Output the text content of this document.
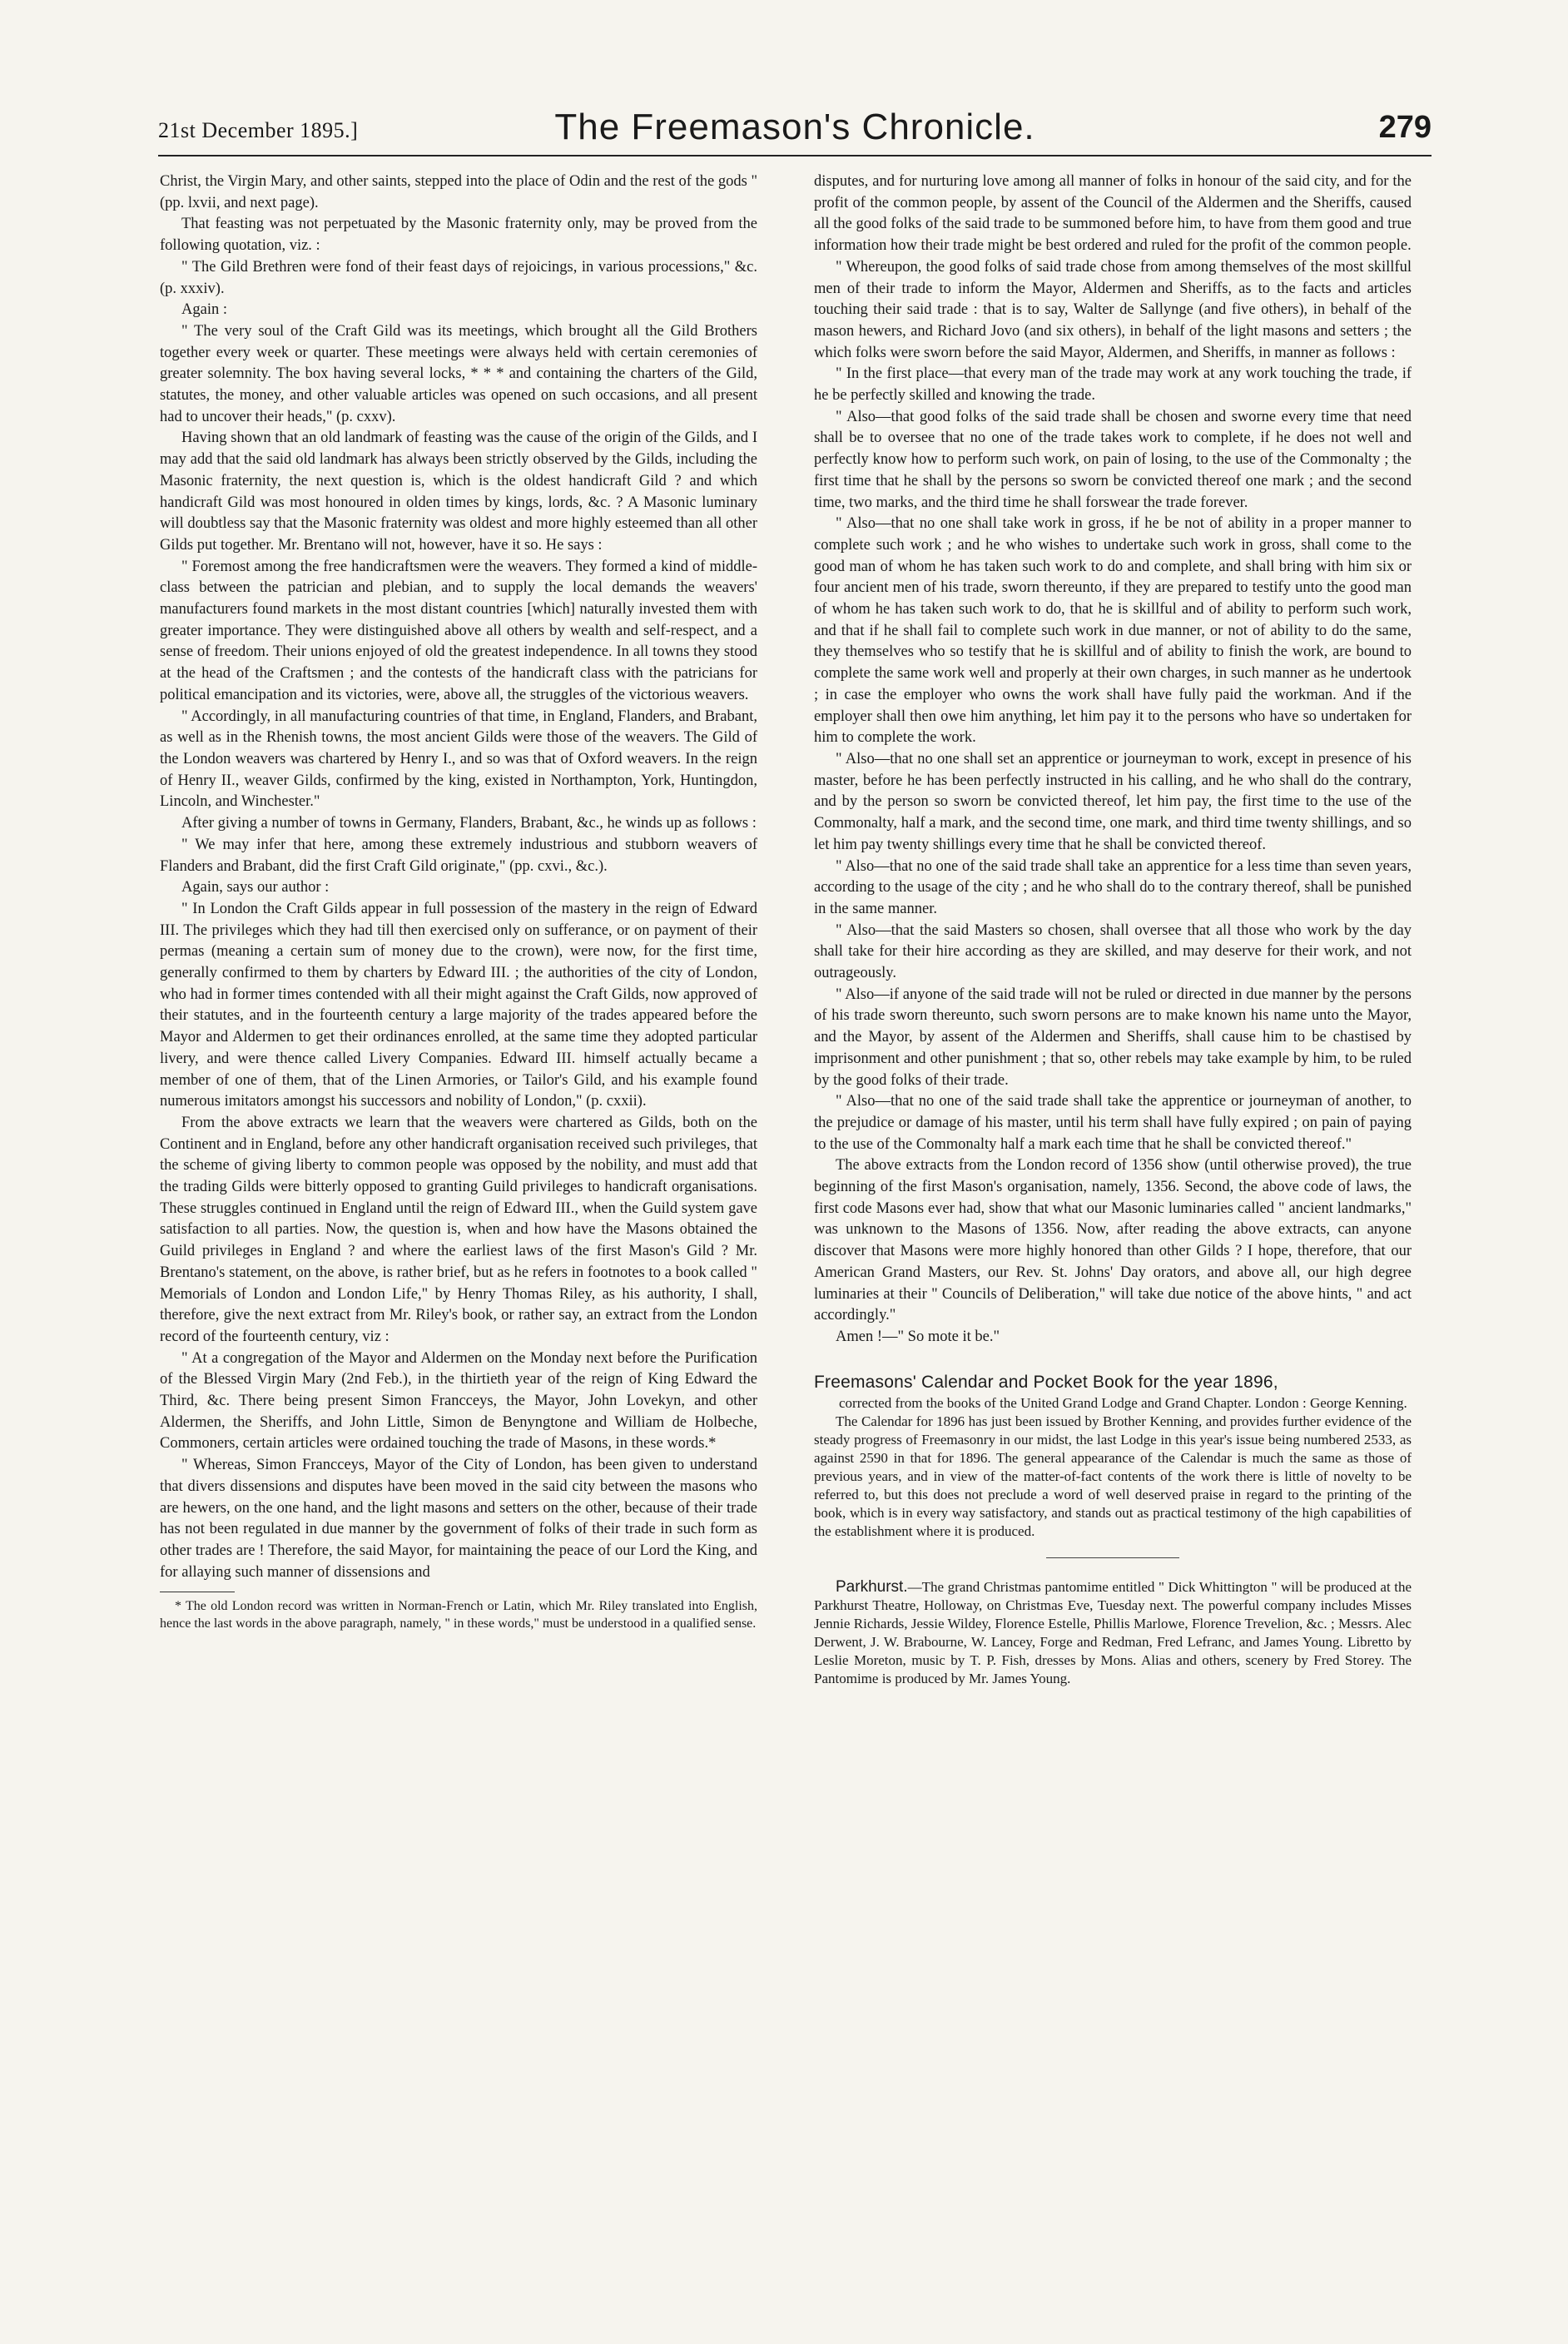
21st December 1895.]	The Freemason's Chronicle.	279

Christ, the Virgin Mary, and other saints, stepped into the place of Odin and the rest of the gods " (pp. lxvii, and next page).

That feasting was not perpetuated by the Masonic fraternity only, may be proved from the following quotation, viz. :

" The Gild Brethren were fond of their feast days of rejoicings, in various processions," &c. (p. xxxiv).

Again :

" The very soul of the Craft Gild was its meetings, which brought all the Gild Brothers together every week or quarter. These meetings were always held with certain ceremonies of greater solemnity. The box having several locks, * * * and containing the charters of the Gild, statutes, the money, and other valuable articles was opened on such occasions, and all present had to uncover their heads," (p. cxxv).

Having shown that an old landmark of feasting was the cause of the origin of the Gilds, and I may add that the said old landmark has always been strictly observed by the Gilds, including the Masonic fraternity, the next question is, which is the oldest handicraft Gild ? and which handicraft Gild was most honoured in olden times by kings, lords, &c. ? A Masonic luminary will doubtless say that the Masonic fraternity was oldest and more highly esteemed than all other Gilds put together. Mr. Brentano will not, however, have it so. He says :

" Foremost among the free handicraftsmen were the weavers. They formed a kind of middle-class between the patrician and plebian, and to supply the local demands the weavers' manufacturers found markets in the most distant countries [which] naturally invested them with greater importance. They were distinguished above all others by wealth and self-respect, and a sense of freedom. Their unions enjoyed of old the greatest independence. In all towns they stood at the head of the Craftsmen ; and the contests of the handicraft class with the patricians for political emancipation and its victories, were, above all, the struggles of the victorious weavers.

" Accordingly, in all manufacturing countries of that time, in England, Flanders, and Brabant, as well as in the Rhenish towns, the most ancient Gilds were those of the weavers. The Gild of the London weavers was chartered by Henry I., and so was that of Oxford weavers. In the reign of Henry II., weaver Gilds, confirmed by the king, existed in Northampton, York, Huntingdon, Lincoln, and Winchester."

After giving a number of towns in Germany, Flanders, Brabant, &c., he winds up as follows :

" We may infer that here, among these extremely industrious and stubborn weavers of Flanders and Brabant, did the first Craft Gild originate," (pp. cxvi., &c.).

Again, says our author :

" In London the Craft Gilds appear in full possession of the mastery in the reign of Edward III. The privileges which they had till then exercised only on sufferance, or on payment of their permas (meaning a certain sum of money due to the crown), were now, for the first time, generally confirmed to them by charters by Edward III. ; the authorities of the city of London, who had in former times contended with all their might against the Craft Gilds, now approved of their statutes, and in the fourteenth century a large majority of the trades appeared before the Mayor and Aldermen to get their ordinances enrolled, at the same time they adopted particular livery, and were thence called Livery Companies. Edward III. himself actually became a member of one of them, that of the Linen Armories, or Tailor's Gild, and his example found numerous imitators amongst his successors and nobility of London," (p. cxxii).

From the above extracts we learn that the weavers were chartered as Gilds, both on the Continent and in England, before any other handicraft organisation received such privileges, that the scheme of giving liberty to common people was opposed by the nobility, and must add that the trading Gilds were bitterly opposed to granting Guild privileges to handicraft organisations. These struggles continued in England until the reign of Edward III., when the Guild system gave satisfaction to all parties. Now, the question is, when and how have the Masons obtained the Guild privileges in England ? and where the earliest laws of the first Mason's Gild ? Mr. Brentano's statement, on the above, is rather brief, but as he refers in footnotes to a book called " Memorials of London and London Life," by Henry Thomas Riley, as his authority, I shall, therefore, give the next extract from Mr. Riley's book, or rather say, an extract from the London record of the fourteenth century, viz :

" At a congregation of the Mayor and Aldermen on the Monday next before the Purification of the Blessed Virgin Mary (2nd Feb.), in the thirtieth year of the reign of King Edward the Third, &c. There being present Simon Francceys, the Mayor, John Lovekyn, and other Aldermen, the Sheriffs, and John Little, Simon de Benyngtone and William de Holbeche, Commoners, certain articles were ordained touching the trade of Masons, in these words.*

" Whereas, Simon Francceys, Mayor of the City of London, has been given to understand that divers dissensions and disputes have been moved in the said city between the masons who are hewers, on the one hand, and the light masons and setters on the other, because of their trade has not been regulated in due manner by the government of folks of their trade in such form as other trades are ! Therefore, the said Mayor, for maintaining the peace of our Lord the King, and for allaying such manner of dissensions and

* The old London record was written in Norman-French or Latin, which Mr. Riley translated into English, hence the last words in the above paragraph, namely, " in these words," must be understood in a qualified sense.

disputes, and for nurturing love among all manner of folks in honour of the said city, and for the profit of the common people, by assent of the Council of the Aldermen and the Sheriffs, caused all the good folks of the said trade to be summoned before him, to have from them good and true information how their trade might be best ordered and ruled for the profit of the common people.

" Whereupon, the good folks of said trade chose from among themselves of the most skillful men of their trade to inform the Mayor, Aldermen and Sheriffs, as to the facts and articles touching their said trade : that is to say, Walter de Sallynge (and five others), in behalf of the mason hewers, and Richard Jovo (and six others), in behalf of the light masons and setters ; the which folks were sworn before the said Mayor, Aldermen, and Sheriffs, in manner as follows :

" In the first place—that every man of the trade may work at any work touching the trade, if he be perfectly skilled and knowing the trade.

" Also—that good folks of the said trade shall be chosen and sworne every time that need shall be to oversee that no one of the trade takes work to complete, if he does not well and perfectly know how to perform such work, on pain of losing, to the use of the Commonalty ; the first time that he shall by the persons so sworn be convicted thereof one mark ; and the second time, two marks, and the third time he shall forswear the trade forever.

" Also—that no one shall take work in gross, if he be not of ability in a proper manner to complete such work ; and he who wishes to undertake such work in gross, shall come to the good man of whom he has taken such work to do and complete, and shall bring with him six or four ancient men of his trade, sworn thereunto, if they are prepared to testify unto the good man of whom he has taken such work to do, that he is skillful and of ability to perform such work, and that if he shall fail to complete such work in due manner, or not of ability to do the same, they themselves who so testify that he is skillful and of ability to finish the work, are bound to complete the same work well and properly at their own charges, in such manner as he undertook ; in case the employer who owns the work shall have fully paid the workman. And if the employer shall then owe him anything, let him pay it to the persons who have so undertaken for him to complete the work.

" Also—that no one shall set an apprentice or journeyman to work, except in presence of his master, before he has been perfectly instructed in his calling, and he who shall do the contrary, and by the person so sworn be convicted thereof, let him pay, the first time to the use of the Commonalty, half a mark, and the second time, one mark, and third time twenty shillings, and so let him pay twenty shillings every time that he shall be convicted thereof.

" Also—that no one of the said trade shall take an apprentice for a less time than seven years, according to the usage of the city ; and he who shall do to the contrary thereof, shall be punished in the same manner.

" Also—that the said Masters so chosen, shall oversee that all those who work by the day shall take for their hire according as they are skilled, and may deserve for their work, and not outrageously.

" Also—if anyone of the said trade will not be ruled or directed in due manner by the persons of his trade sworn thereunto, such sworn persons are to make known his name unto the Mayor, and the Mayor, by assent of the Aldermen and Sheriffs, shall cause him to be chastised by imprisonment and other punishment ; that so, other rebels may take example by him, to be ruled by the good folks of their trade.

" Also—that no one of the said trade shall take the apprentice or journeyman of another, to the prejudice or damage of his master, until his term shall have fully expired ; on pain of paying to the use of the Commonalty half a mark each time that he shall be convicted thereof."

The above extracts from the London record of 1356 show (until otherwise proved), the true beginning of the first Mason's organisation, namely, 1356. Second, the above code of laws, the first code Masons ever had, show that what our Masonic luminaries called " ancient landmarks," was unknown to the Masons of 1356. Now, after reading the above extracts, can anyone discover that Masons were more highly honored than other Gilds ? I hope, therefore, that our American Grand Masters, our Rev. St. Johns' Day orators, and above all, our high degree luminaries at their " Councils of Deliberation," will take due notice of the above hints, " and act accordingly."

Amen !—" So mote it be."

Freemasons' Calendar and Pocket Book for the year 1896,

corrected from the books of the United Grand Lodge and Grand Chapter. London : George Kenning.

The Calendar for 1896 has just been issued by Brother Kenning, and provides further evidence of the steady progress of Freemasonry in our midst, the last Lodge in this year's issue being numbered 2533, as against 2590 in that for 1896. The general appearance of the Calendar is much the same as those of previous years, and in view of the matter-of-fact contents of the work there is little of novelty to be referred to, but this does not preclude a word of well deserved praise in regard to the printing of the book, which is in every way satisfactory, and stands out as practical testimony of the high capabilities of the establishment where it is produced.

Parkhurst.—The grand Christmas pantomime entitled " Dick Whittington " will be produced at the Parkhurst Theatre, Holloway, on Christmas Eve, Tuesday next. The powerful company includes Misses Jennie Richards, Jessie Wildey, Florence Estelle, Phillis Marlowe, Florence Trevelion, &c. ; Messrs. Alec Derwent, J. W. Brabourne, W. Lancey, Forge and Redman, Fred Lefranc, and James Young. Libretto by Leslie Moreton, music by T. P. Fish, dresses by Mons. Alias and others, scenery by Fred Storey. The Pantomime is produced by Mr. James Young.
